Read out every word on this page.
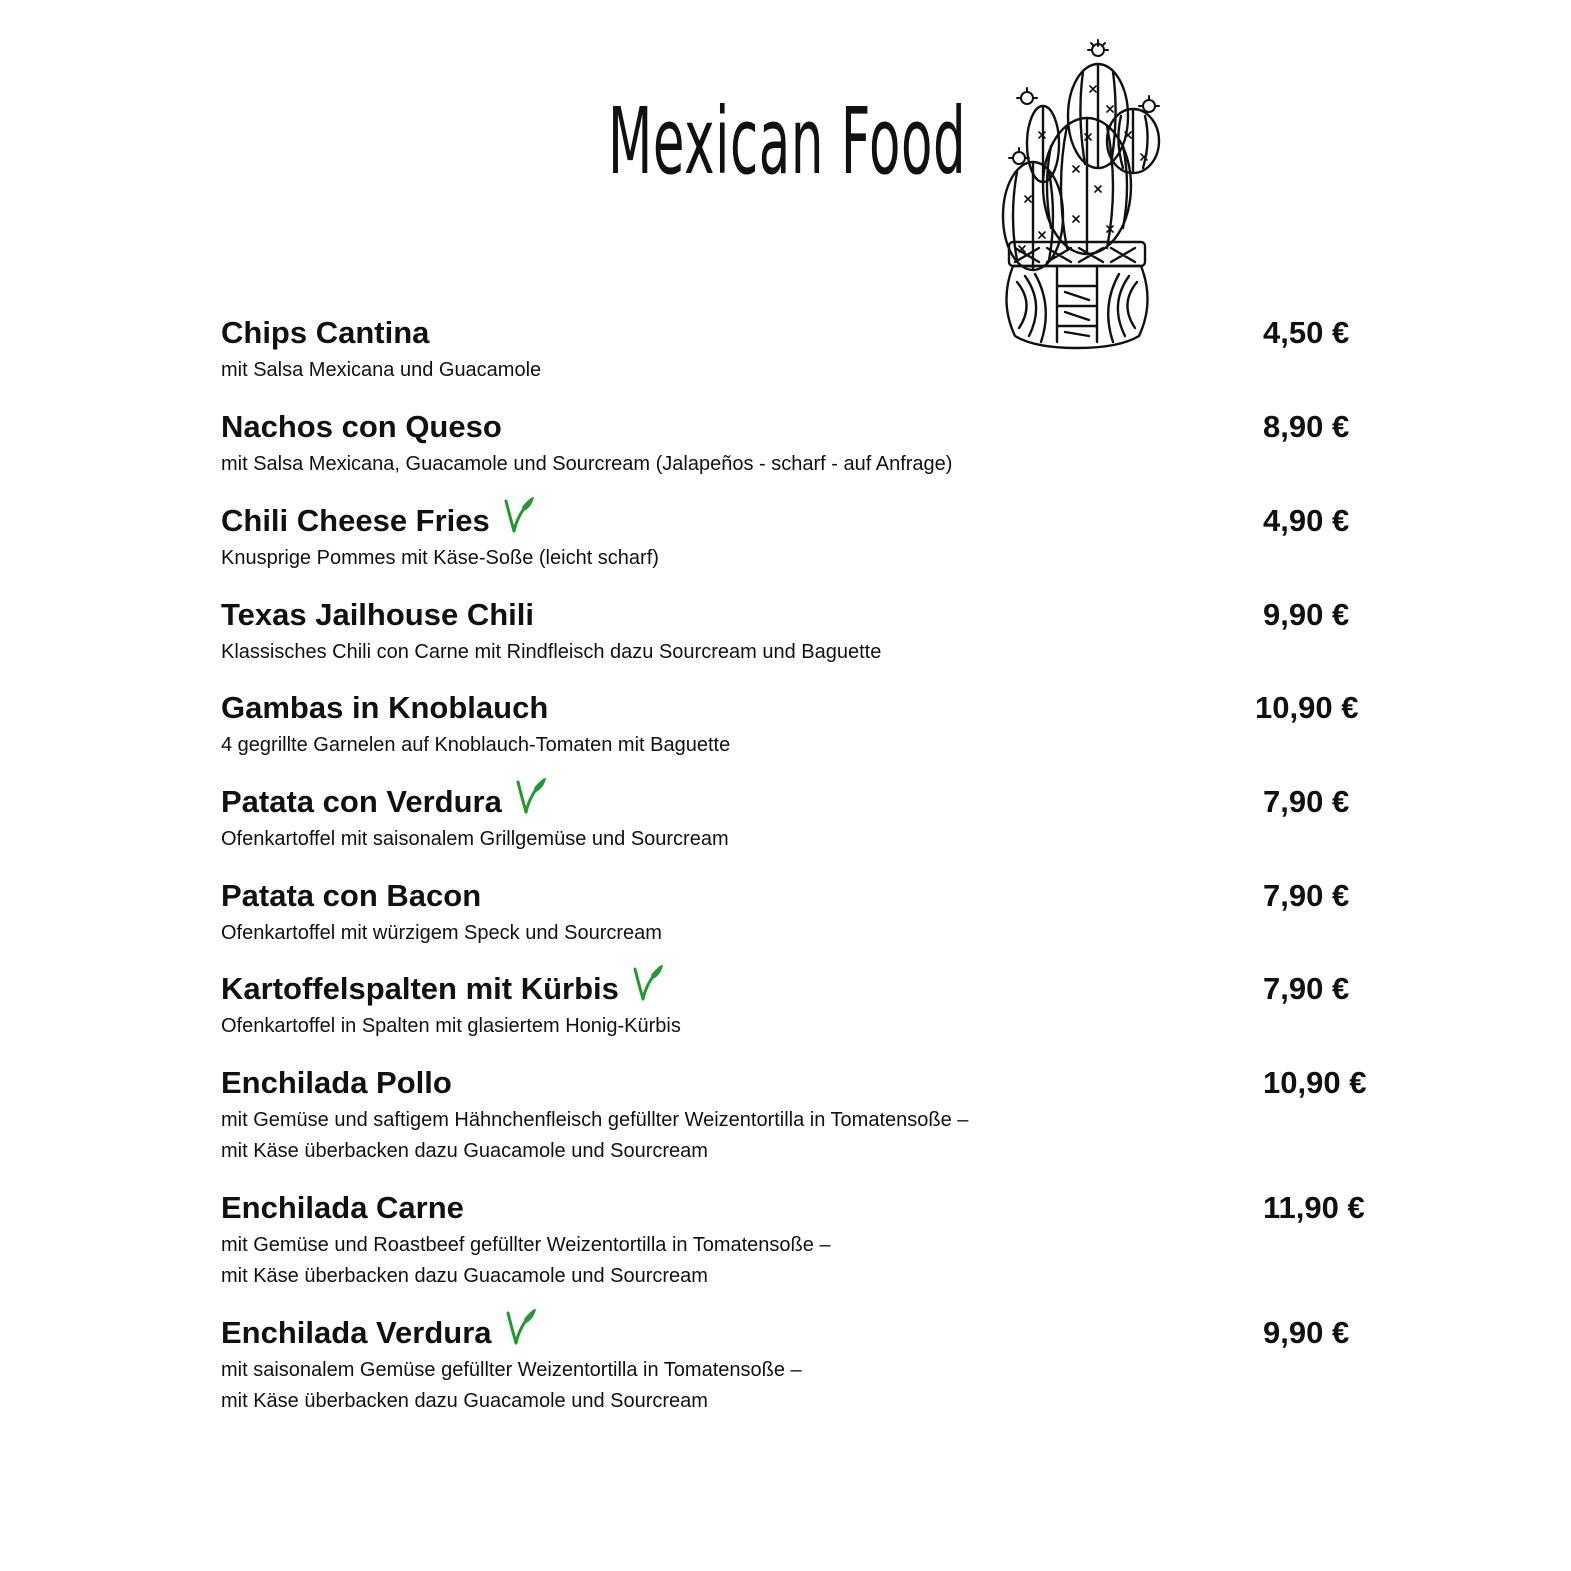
Mexican Food
Chips Cantina
mit Salsa Mexicana und Guacamole
4,50 €
Nachos con Queso
mit Salsa Mexicana, Guacamole und Sourcream (Jalapeños - scharf - auf Anfrage)
8,90 €
Chili Cheese Fries
Knusprige Pommes mit Käse-Soße (leicht scharf)
4,90 €
Texas Jailhouse Chili
Klassisches Chili con Carne mit Rindfleisch dazu Sourcream und Baguette
9,90 €
Gambas in Knoblauch
4 gegrillte Garnelen auf Knoblauch-Tomaten mit Baguette
10,90 €
Patata con Verdura
Ofenkartoffel mit saisonalem Grillgemüse und Sourcream
7,90 €
Patata con Bacon
Ofenkartoffel mit würzigem Speck und Sourcream
7,90 €
Kartoffelspalten mit Kürbis
Ofenkartoffel in Spalten mit glasiertem Honig-Kürbis
7,90 €
Enchilada Pollo
mit Gemüse und saftigem Hähnchenfleisch gefüllter Weizentortilla in Tomatensoße –
mit Käse überbacken dazu Guacamole und Sourcream
10,90 €
Enchilada Carne
mit Gemüse und Roastbeef gefüllter Weizentortilla in Tomatensoße –
mit Käse überbacken dazu Guacamole und Sourcream
11,90 €
Enchilada Verdura
mit saisonalem Gemüse gefüllter Weizentortilla in Tomatensoße –
mit Käse überbacken dazu Guacamole und Sourcream
9,90 €
